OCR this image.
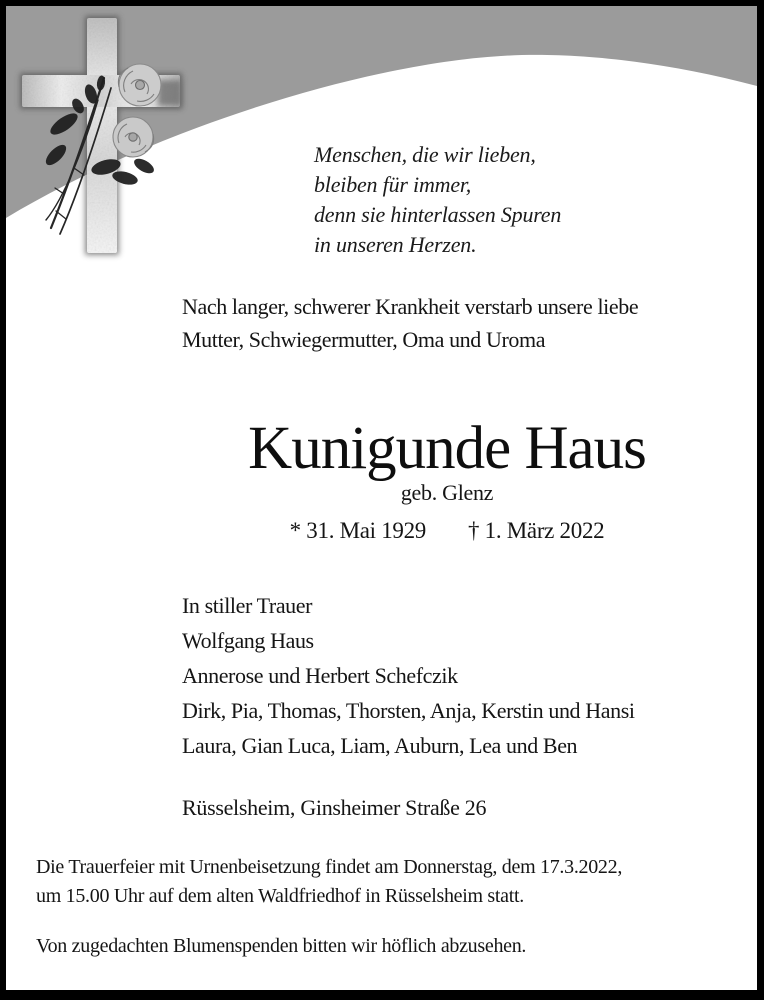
Menschen, die wir lieben,
bleiben für immer,
denn sie hinterlassen Spuren
in unseren Herzen.
Nach langer, schwerer Krankheit verstarb unsere liebe
Mutter, Schwiegermutter, Oma und Uroma
Kunigunde Haus
geb. Glenz
* 31. Mai 1929 † 1. März 2022
In stiller Trauer
Wolfgang Haus
Annerose und Herbert Schefczik
Dirk, Pia, Thomas, Thorsten, Anja, Kerstin und Hansi
Laura, Gian Luca, Liam, Auburn, Lea und Ben
Rüsselsheim, Ginsheimer Straße 26
Die Trauerfeier mit Urnenbeisetzung findet am Donnerstag, dem 17.3.2022,
um 15.00 Uhr auf dem alten Waldfriedhof in Rüsselsheim statt.
Von zugedachten Blumenspenden bitten wir höflich abzusehen.
